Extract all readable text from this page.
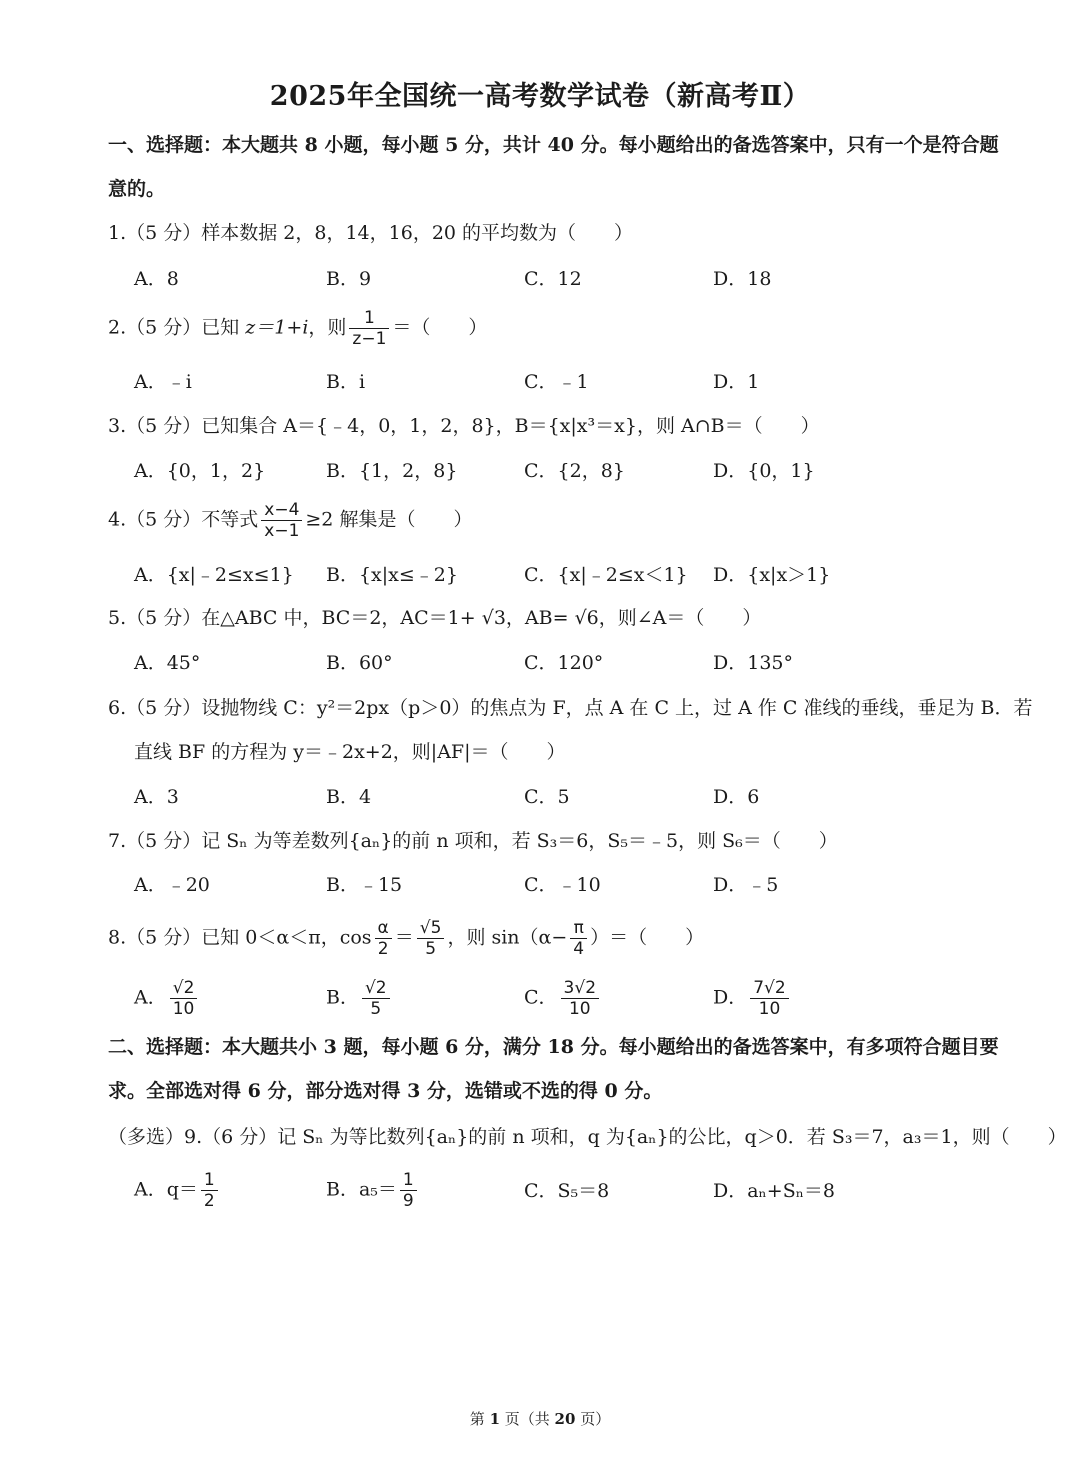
2025年全国统一高考数学试卷（新高考Ⅱ）
一、选择题：本大题共 8 小题，每小题 5 分，共计 40 分。每小题给出的备选答案中，只有一个是符合题
意的。
1.（5 分）样本数据 2，8，14，16，20 的平均数为（　　）
A．8	B．9	C．12	D．18
2.（5 分）已知 z＝1+i，则 $\frac{1}{z-1}$ ＝（　　）
A．﹣i	B．i	C．﹣1	D．1
3.（5 分）已知集合 A＝{﹣4，0，1，2，8}，B＝{x|x³＝x}，则 A∩B＝（　　）
A．{0，1，2}	B．{1，2，8}	C．{2，8}	D．{0，1}
4.（5 分）不等式 $\frac{x-4}{x-1} \ge 2$ 解集是（　　）
A．{x|﹣2≤x≤1} B．{x|x≤﹣2}	C．{x|﹣2≤x＜1} D．{x|x＞1}
5.（5 分）在△ABC 中，BC＝2，AC＝1+ √3，AB= √6，则∠A＝（　　）
A．45°	B．60°	C．120°	D．135°
6.（5 分）设抛物线 C：y²＝2px（p＞0）的焦点为 F，点 A 在 C 上，过 A 作 C 准线的垂线，垂足为 B．若
直线 BF 的方程为 y＝﹣2x+2，则|AF|＝（　　）
A．3	B．4	C．5	D．6
7.（5 分）记 Sₙ 为等差数列{aₙ}的前 n 项和，若 S₃＝6，S₅＝﹣5，则 S₆＝（　　）
A．﹣20	B．﹣15	C．﹣10	D．﹣5
8.（5 分）已知 0＜α＜π，$\cos \frac{\alpha}{2} = \frac{√5}{5}$ ，则 $\sin(\alpha- \frac{\pi}{4}$ ）＝（　　）
A． $\frac{√2}{10}$	B． $\frac{√2}{5}$	C． $\frac{3√2}{10}$	D． $\frac{7√2}{10}$
二、选择题：本大题共小 3 题，每小题 6 分，满分 18 分。每小题给出的备选答案中，有多项符合题目要
求。全部选对得 6 分，部分选对得 3 分，选错或不选的得 0 分。
（多选）9.（6 分）记 Sₙ 为等比数列{aₙ}的前 n 项和，q 为{aₙ}的公比，q＞0．若 S₃＝7，a₃＝1，则（　　）
A．$q= \frac{1}{2}$	B．$a_5= \frac{1}{9}$	C．S₅＝8	D．aₙ+Sₙ＝8
第 1 页（共 20 页）
